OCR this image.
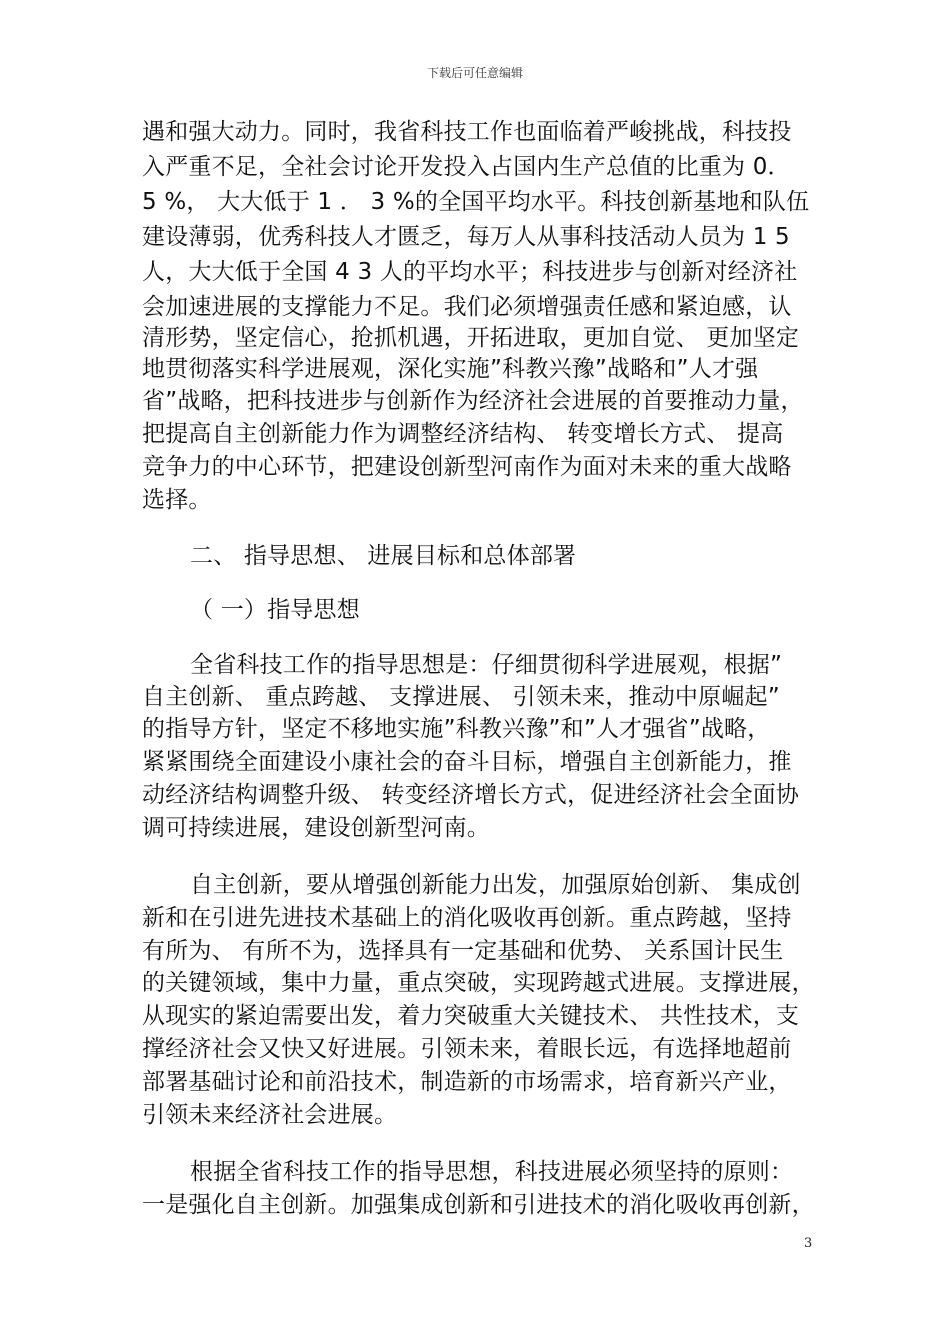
下载后可任意编辑
遇和强大动力。同时，我省科技工作也面临着严峻挑战，科技投
入严重不足，全社会讨论开发投入占国内生产总值的比重为 0．
5 %， 大大低于 1 ． 3 %的全国平均水平。科技创新基地和队伍
建设薄弱，优秀科技人才匮乏，每万人从事科技活动人员为 1 5
人，大大低于全国 4 3 人的平均水平；科技进步与创新对经济社
会加速进展的支撑能力不足。我们必须增强责任感和紧迫感，认
清形势，坚定信心，抢抓机遇，开拓进取，更加自觉、 更加坚定
地贯彻落实科学进展观，深化实施”科教兴豫”战略和”人才强
省”战略，把科技进步与创新作为经济社会进展的首要推动力量，
把提高自主创新能力作为调整经济结构、 转变增长方式、 提高
竞争力的中心环节，把建设创新型河南作为面对未来的重大战略
选择。
二、 指导思想、 进展目标和总体部署
（ 一）指导思想
全省科技工作的指导思想是：仔细贯彻科学进展观，根据”
自主创新、 重点跨越、 支撑进展、 引领未来，推动中原崛起”
的指导方针，坚定不移地实施”科教兴豫”和”人才强省”战略，
紧紧围绕全面建设小康社会的奋斗目标，增强自主创新能力，推
动经济结构调整升级、 转变经济增长方式，促进经济社会全面协
调可持续进展，建设创新型河南。
自主创新，要从增强创新能力出发，加强原始创新、 集成创
新和在引进先进技术基础上的消化吸收再创新。重点跨越，坚持
有所为、 有所不为，选择具有一定基础和优势、 关系国计民生
的关键领域，集中力量，重点突破，实现跨越式进展。支撑进展，
从现实的紧迫需要出发，着力突破重大关键技术、 共性技术，支
撑经济社会又快又好进展。引领未来，着眼长远，有选择地超前
部署基础讨论和前沿技术，制造新的市场需求，培育新兴产业，
引领未来经济社会进展。
根据全省科技工作的指导思想，科技进展必须坚持的原则：
一是强化自主创新。加强集成创新和引进技术的消化吸收再创新，
3
